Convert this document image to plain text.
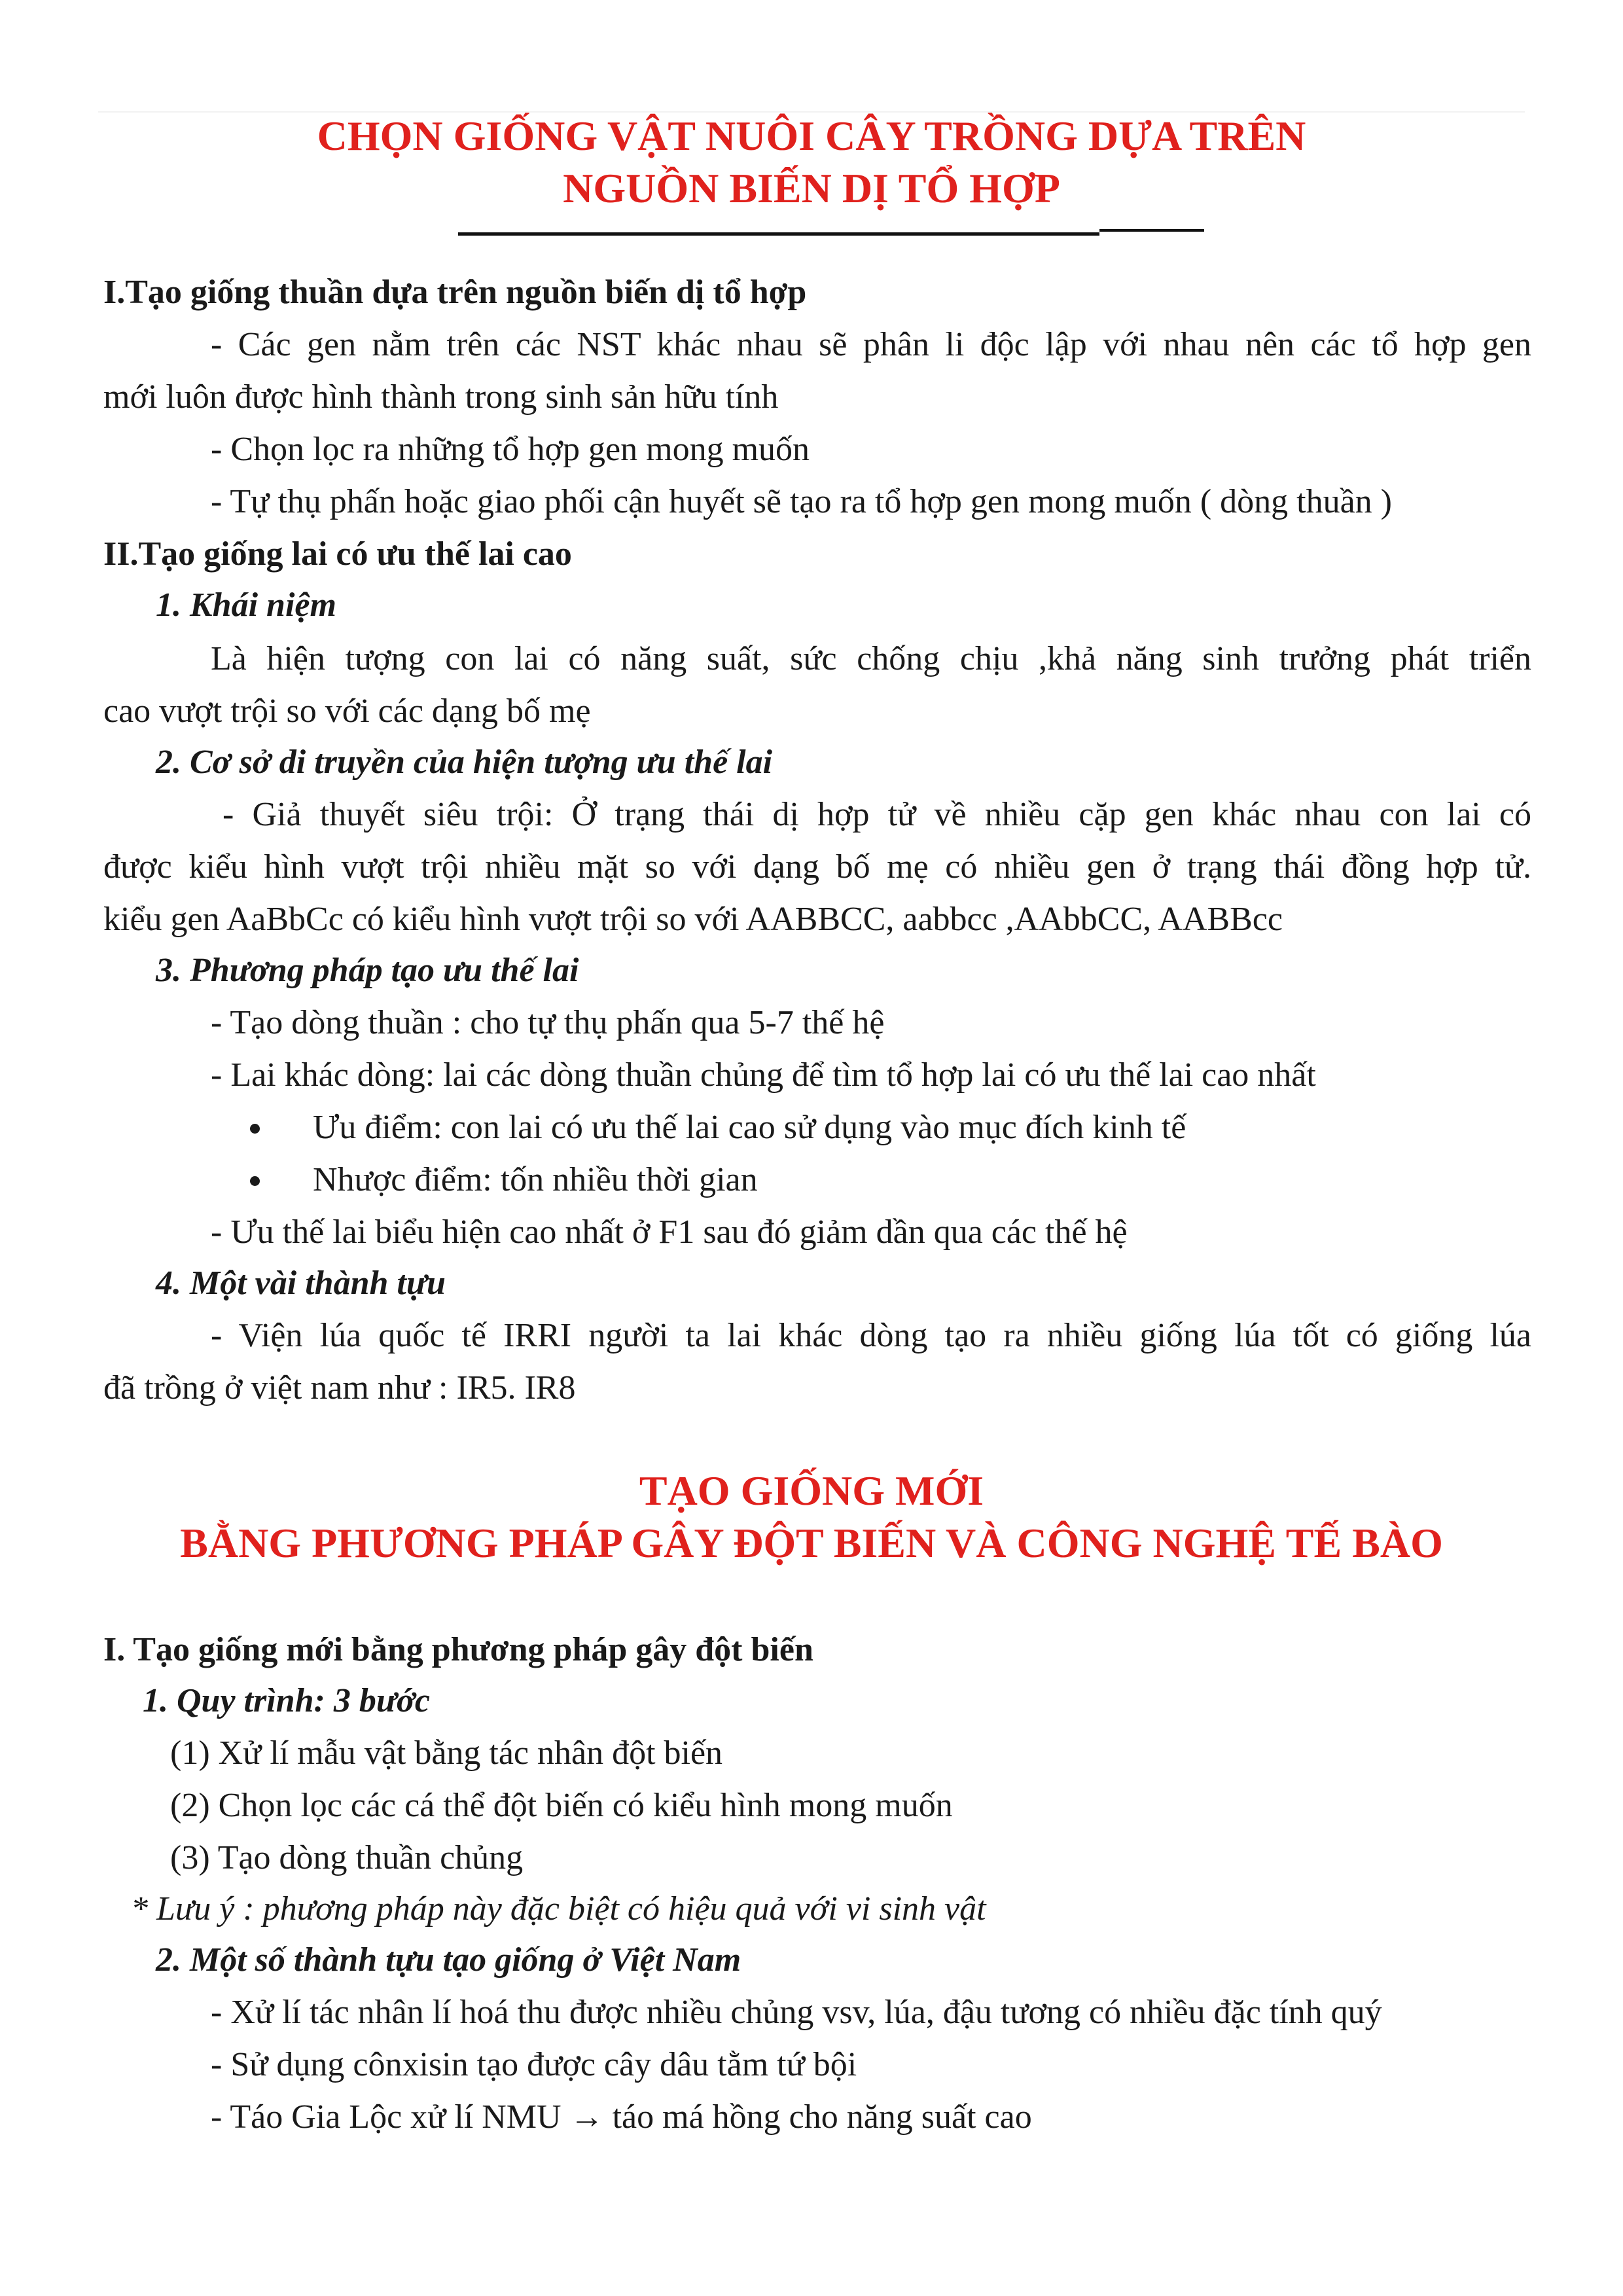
CHỌN GIỐNG VẬT NUÔI CÂY TRỒNG DỰA TRÊN
NGUỒN BIẾN DỊ TỔ HỢP
I.Tạo giống thuần dựa trên nguồn biến dị tổ hợp
- Các gen nằm trên các NST khác nhau sẽ phân li độc lập với nhau nên các tổ hợp gen
mới luôn được hình thành trong sinh sản hữu tính
- Chọn lọc ra những tổ hợp gen mong muốn
- Tự thụ phấn hoặc giao phối cận huyết sẽ tạo ra tổ hợp gen mong muốn ( dòng thuần )
II.Tạo giống lai có ưu thế lai cao
1. Khái niệm
Là hiện tượng con lai có năng suất, sức chống chịu ,khả năng sinh trưởng phát triển
cao vượt trội so với các dạng bố mẹ
2. Cơ sở di truyền của hiện tượng ưu thế lai
- Giả thuyết siêu trội: Ở trạng thái dị hợp tử về nhiều cặp gen khác nhau con lai có
được kiểu hình vượt trội nhiều mặt so với dạng bố mẹ có nhiều gen ở trạng thái đồng hợp tử.
kiểu gen AaBbCc có kiểu hình vượt trội so với AABBCC, aabbcc ,AAbbCC, AABBcc
3. Phương pháp tạo ưu thế lai
- Tạo dòng thuần : cho tự thụ phấn qua 5-7 thế hệ
- Lai khác dòng: lai các dòng thuần chủng để tìm tổ hợp lai có ưu thế lai cao nhất
Ưu điểm: con lai có ưu thế lai cao sử dụng vào mục đích kinh tế
Nhược điểm: tốn nhiều thời gian
- Ưu thế lai biểu hiện cao nhất ở F1 sau đó giảm dần qua các thế hệ
4. Một vài thành tựu
- Viện lúa quốc tế IRRI người ta lai khác dòng tạo ra nhiều giống lúa tốt có giống lúa
đã trồng ở việt nam như : IR5. IR8
TẠO GIỐNG MỚI
BẰNG PHƯƠNG PHÁP GÂY ĐỘT BIẾN VÀ CÔNG NGHỆ TẾ BÀO
I. Tạo giống mới bằng phương pháp gây đột biến
1. Quy trình: 3 bước
(1) Xử lí mẫu vật bằng tác nhân đột biến
(2) Chọn lọc các cá thể đột biến có kiểu hình mong muốn
(3) Tạo dòng thuần chủng
* Lưu ý : phương pháp này đặc biệt có hiệu quả với vi sinh vật
2. Một số thành tựu tạo giống ở Việt Nam
- Xử lí tác nhân lí hoá thu được nhiều chủng vsv, lúa, đậu tương có nhiều đặc tính quý
- Sử dụng cônxisin tạo được cây dâu tằm tứ bội
- Táo Gia Lộc xử lí NMU → táo má hồng cho năng suất cao
